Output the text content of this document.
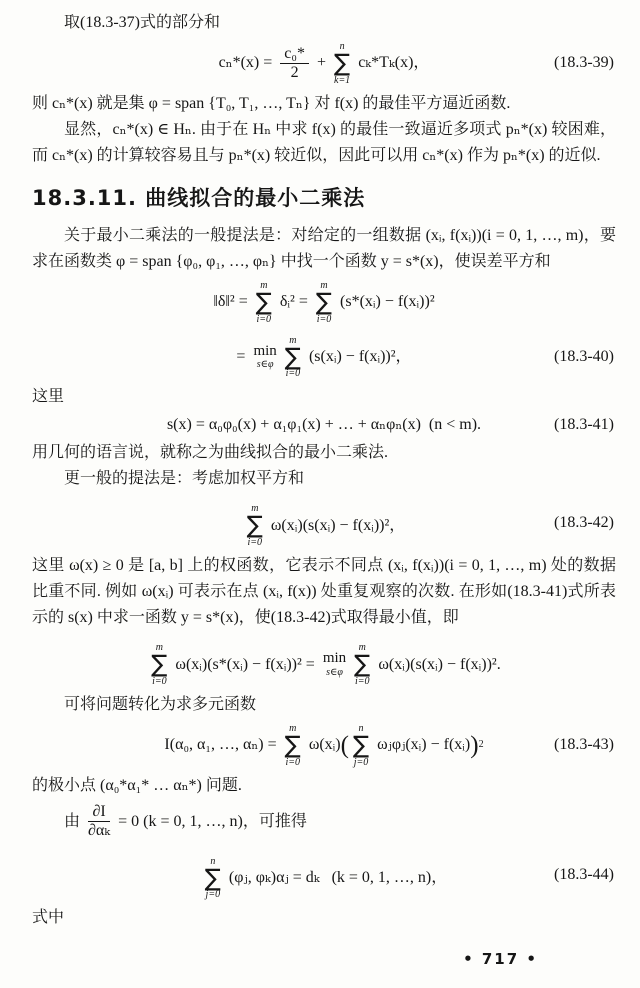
取(18.3-37)式的部分和

$c_n*(x) = \frac{\text{c₀*}}{2}$ +
n
∑
k=1
cₖ*Tₖ(x)，	(18.3-39)

则 cₙ*(x) 就是集 φ = span {T₀, T₁, …, Tₙ} 对 f(x) 的最佳平方逼近函数.

显然，cₙ*(x) ∈ Hₙ. 由于在 Hₙ 中求 f(x) 的最佳一致逼近多项式 pₙ*(x) 较困难，而 cₙ*(x) 的计算较容易且与 pₙ*(x) 较近似，因此可以用 cₙ*(x) 作为 pₙ*(x) 的近似.

18.3.11. 曲线拟合的最小二乘法

关于最小二乘法的一般提法是：对给定的一组数据 (xᵢ, f(xᵢ))(i = 0, 1, …, m)，要求在函数类 φ = span {φ₀, φ₁, …, φₙ} 中找一个函数 y = s*(x)，使误差平方和

‖δ‖² =
m
∑
i=0
δᵢ² =
m
∑
i=0
(s*(xᵢ) − f(xᵢ))²
= min
s∈φ
m
∑
i=0
(s(xᵢ) − f(xᵢ))²，	(18.3-40)

这里

s(x) = α₀φ₀(x) + α₁φ₁(x) + … + αₙφₙ(x)  (n < m).	(18.3-41)

用几何的语言说，就称之为曲线拟合的最小二乘法.

更一般的提法是：考虑加权平方和

m
∑
i=0
ω(xᵢ)(s(xᵢ) − f(xᵢ))²，	(18.3-42)

这里 ω(x) ≥ 0 是 [a, b] 上的权函数，它表示不同点 (xᵢ, f(xᵢ))(i = 0, 1, …, m) 处的数据比重不同. 例如 ω(xᵢ) 可表示在点 (xᵢ, f(x)) 处重复观察的次数. 在形如(18.3-41)式所表示的 s(x) 中求一函数 y = s*(x)，使(18.3-42)式取得最小值，即

m
∑
i=0
ω(xᵢ)(s*(xᵢ) − f(xᵢ))² = min
s∈φ
m
∑
i=0
ω(xᵢ)(s(xᵢ) − f(xᵢ))².

可将问题转化为求多元函数

I(α₀, α₁, …, αₙ) =
m
∑
i=0
ω(xᵢ) (
n
∑
j=0
ωⱼφⱼ(xᵢ) − f(xᵢ) ) 2	(18.3-43)

的极小点 (α₀*α₁* … αₙ*) 问题.

由 $\frac{\partial I}{\text{∂αₖ}} = 0$ (k = 0, 1, …, n)，可推得
n
∑
j=0
(φⱼ, φₖ)αⱼ = dₖ   (k = 0, 1, …, n)，	(18.3-44)

式中

• 717 •
